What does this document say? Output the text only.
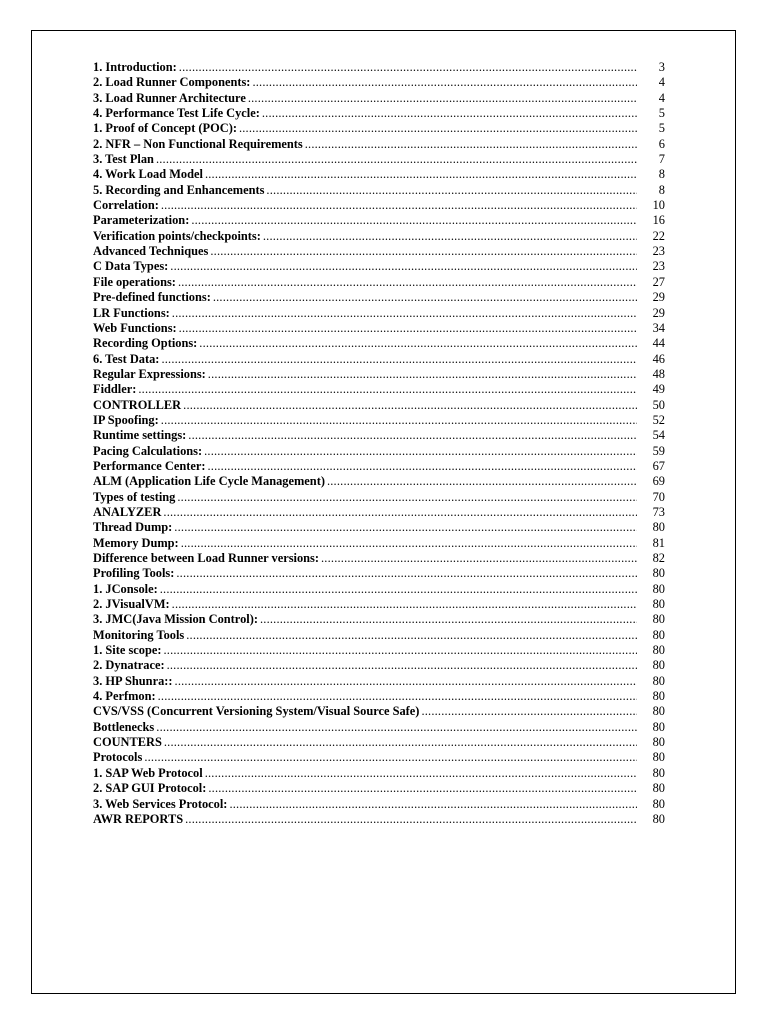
1. Introduction: .....	3
2. Load Runner Components: .....	4
3. Load Runner Architecture .....	4
4. Performance Test Life Cycle: .....	5
1. Proof of Concept (POC): .....	5
2. NFR – Non Functional Requirements .....	6
3. Test Plan .....	7
4. Work Load Model .....	8
5. Recording and Enhancements .....	8
Correlation: .....	10
Parameterization: .....	16
Verification points/checkpoints: .....	22
Advanced Techniques .....	23
C Data Types: .....	23
File operations: .....	27
Pre-defined functions: .....	29
LR Functions: .....	29
Web Functions: .....	34
Recording Options: .....	44
6. Test Data: .....	46
Regular Expressions: .....	48
Fiddler: .....	49
CONTROLLER .....	50
IP Spoofing: .....	52
Runtime settings: .....	54
Pacing Calculations: .....	59
Performance Center: .....	67
ALM (Application Life Cycle Management) .....	69
Types of testing .....	70
ANALYZER .....	73
Thread Dump: .....	80
Memory Dump: .....	81
Difference between Load Runner versions: .....	82
Profiling Tools: .....	80
1. JConsole: .....	80
2. JVisualVM: .....	80
3. JMC(Java Mission Control): .....	80
Monitoring Tools .....	80
1. Site scope: .....	80
2. Dynatrace: .....	80
3. HP Shunra:: .....	80
4. Perfmon: .....	80
CVS/VSS (Concurrent Versioning System/Visual Source Safe) .....	80
Bottlenecks .....	80
COUNTERS .....	80
Protocols .....	80
1. SAP Web Protocol .....	80
2. SAP GUI Protocol: .....	80
3. Web Services Protocol: .....	80
AWR REPORTS .....	80
